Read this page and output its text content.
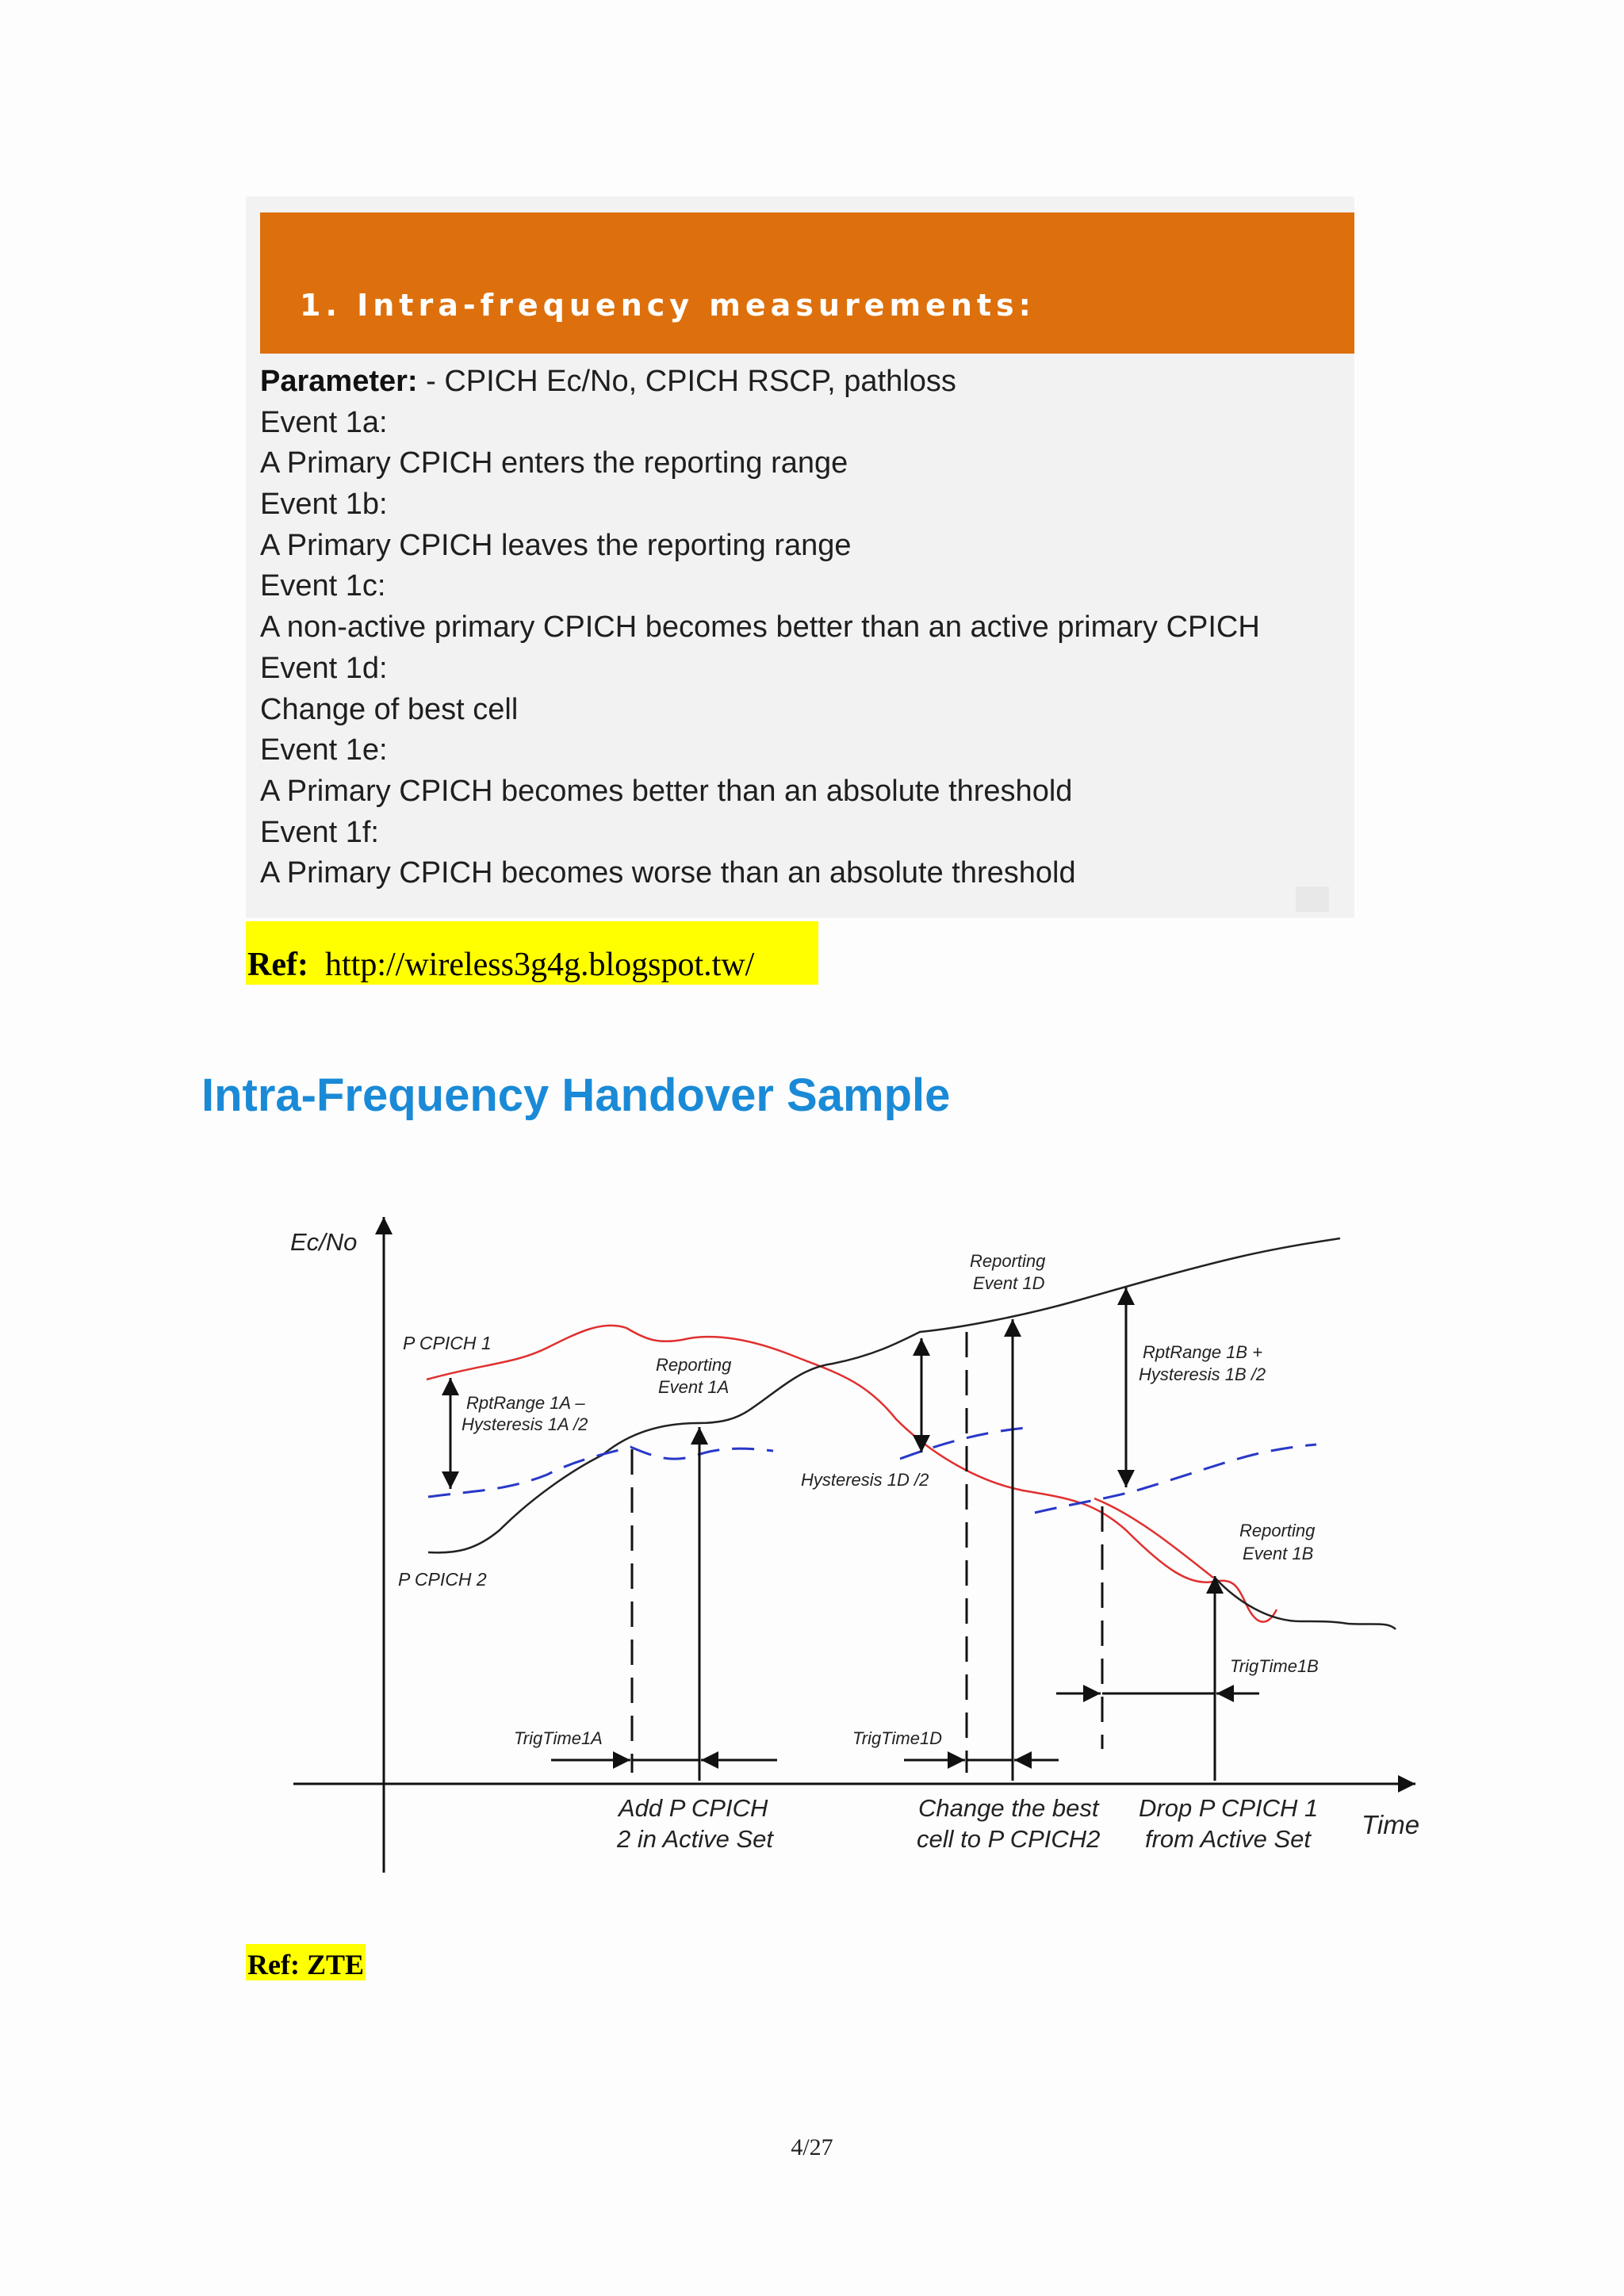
1. Intra-frequency measurements:
Parameter: - CPICH Ec/No, CPICH RSCP, pathloss
Event 1a:
A Primary CPICH enters the reporting range
Event 1b:
A Primary CPICH leaves the reporting range
Event 1c:
A non-active primary CPICH becomes better than an active primary CPICH
Event 1d:
Change of best cell
Event 1e:
A Primary CPICH becomes better than an absolute threshold
Event 1f:
A Primary CPICH becomes worse than an absolute threshold
Ref: http://wireless3g4g.blogspot.tw/
Intra-Frequency Handover Sample
Ec/No
Time
P CPICH 1
P CPICH 2
RptRange 1A –
Hysteresis 1A /2
Reporting
Event 1A
Reporting
Event 1D
Hysteresis 1D /2
RptRange 1B +
Hysteresis 1B /2
Reporting
Event 1B
TrigTime1A	TrigTime1D
TrigTime1B
Add P CPICH
2 in Active Set
Change the best
cell to P CPICH2
Drop P CPICH 1
from Active Set
Ref: ZTE
4/27
